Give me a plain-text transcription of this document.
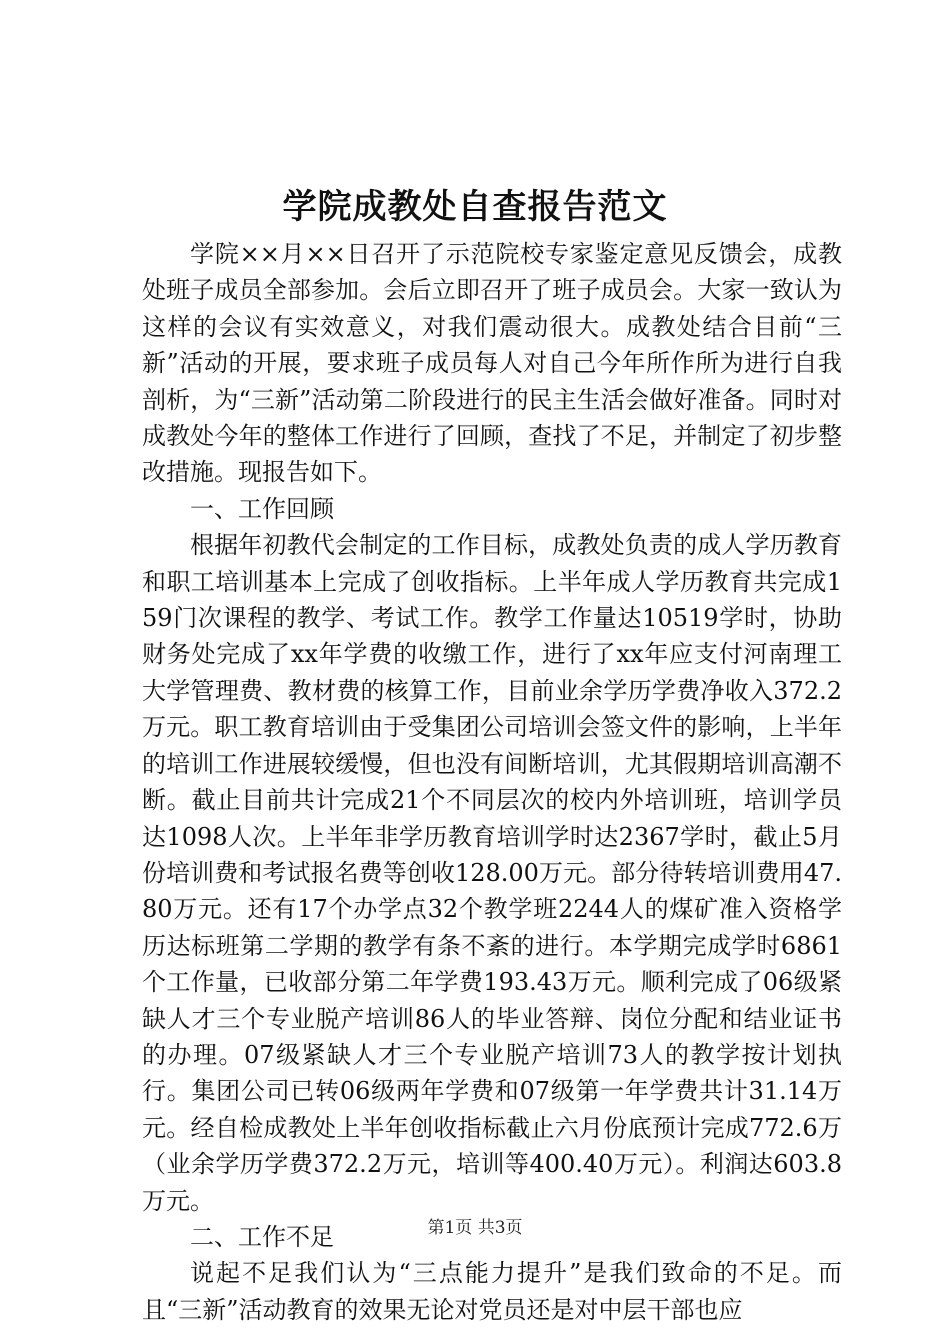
学院成教处自查报告范文

学院××月××日召开了示范院校专家鉴定意见反馈会，成教处班子成员全部参加。会后立即召开了班子成员会。大家一致认为这样的会议有实效意义，对我们震动很大。成教处结合目前“三新”活动的开展，要求班子成员每人对自己今年所作所为进行自我剖析，为“三新”活动第二阶段进行的民主生活会做好准备。同时对成教处今年的整体工作进行了回顾，查找了不足，并制定了初步整改措施。现报告如下。

一、工作回顾

根据年初教代会制定的工作目标，成教处负责的成人学历教育和职工培训基本上完成了创收指标。上半年成人学历教育共完成159门次课程的教学、考试工作。教学工作量达10519学时，协助财务处完成了xx年学费的收缴工作，进行了xx年应支付河南理工大学管理费、教材费的核算工作，目前业余学历学费净收入372.2万元。职工教育培训由于受集团公司培训会签文件的影响，上半年的培训工作进展较缓慢，但也没有间断培训，尤其假期培训高潮不断。截止目前共计完成21个不同层次的校内外培训班，培训学员达1098人次。上半年非学历教育培训学时达2367学时，截止5月份培训费和考试报名费等创收128.00万元。部分待转培训费用47.80万元。还有17个办学点32个教学班2244人的煤矿准入资格学历达标班第二学期的教学有条不紊的进行。本学期完成学时6861个工作量，已收部分第二年学费193.43万元。顺利完成了06级紧缺人才三个专业脱产培训86人的毕业答辩、岗位分配和结业证书的办理。07级紧缺人才三个专业脱产培训73人的教学按计划执行。集团公司已转06级两年学费和07级第一年学费共计31.14万元。经自检成教处上半年创收指标截止六月份底预计完成772.6万（业余学历学费372.2万元，培训等400.40万元）。利润达603.8万元。

二、工作不足

说起不足我们认为“三点能力提升”是我们致命的不足。而且“三新”活动教育的效果无论对党员还是对中层干部也应

第1页 共3页
